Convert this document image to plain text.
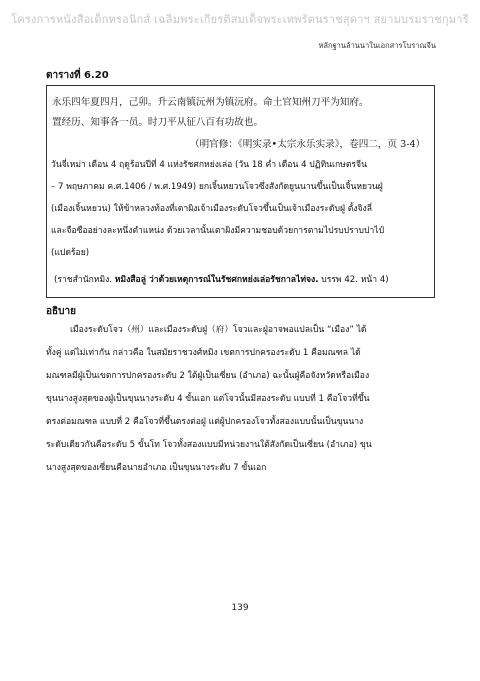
โครงการหนังสือเด็กทรอนิกส์ เฉลิมพระเกียรติสมเด็จพระเทพรัตนราชสุดาฯ สยามบรมราชกุมารี
หลักฐานล้านนาในเอกสารโบราณจีน
ตารางที่ 6.20
永乐四年夏四月，己卯。升云南镇沅州为镇沅府。命土官知州刀平为知府。
置经历、知事各一员。时刀平从征八百有功故也。
（明官修：《明实录•太宗永乐实录》，卷四二，页 3-4）
วันจี่เหม่า เดือน 4 ฤดูร้อนปีที่ 4 แห่งรัชศกหย่งเล่อ (วัน 18 ค่ำ เดือน 4 ปฏิทินเกษตรจีน
– 7 พฤษภาคม ค.ศ.1406 / พ.ศ.1949) ยกเจิ้นหยวนโจวซึ่งสังกัดยูนนานขึ้นเป็นเจิ้นหยวนฝู่
(เมืองเจิ้นหยวน) ให้ข้าหลวงท้องที่เตาผิงเจ้าเมืองระดับโจวขึ้นเป็นเจ้าเมืองระดับฝู่ ตั้งจิงลี่
และจือซืออย่างละหนึ่งตำแหน่ง ด้วยเวลานั้นเตาผิงมีความชอบด้วยการตามไปรบปราบปาไป๋
(แปดร้อย)
(ราชสำนักหมิง. หมิงสือลู่ ว่าด้วยเหตุการณ์ในรัชศกหย่งเล่อรัชกาลไท่จง. บรรพ 42. หน้า 4)
อธิบาย
เมืองระดับโจว（州）และเมืองระดับฝู่（府）โจวและฝู่อาจพอแปลเป็น “เมือง” ได้
ทั้งคู่ แต่ไม่เท่ากัน กล่าวคือ ในสมัยราชวงศ์หมิง เขตการปกครองระดับ 1 คือมณฑล ได้
มณฑลมีฝู่เป็นเขตการปกครองระดับ 2 ใต้ฝู่เป็นเซี่ยน (อำเภอ) ฉะนั้นฝู่คือจังหวัดหรือเมือง
ขุนนางสูงสุดของฝู่เป็นขุนนางระดับ 4 ขั้นเอก แต่โจวนั้นมีสองระดับ แบบที่ 1 คือโจวที่ขึ้น
ตรงต่อมณฑล แบบที่ 2 คือโจวที่ขึ้นตรงต่อฝู่ แต่ผู้ปกครองโจวทั้งสองแบบนั้นเป็นขุนนาง
ระดับเดียวกันคือระดับ 5 ขั้นโท โจวทั้งสองแบบมีหน่วยงานใต้สังกัดเป็นเซี่ยน (อำเภอ) ขุน
นางสูงสุดของเซี่ยนคือนายอำเภอ เป็นขุนนางระดับ 7 ขั้นเอก
139
